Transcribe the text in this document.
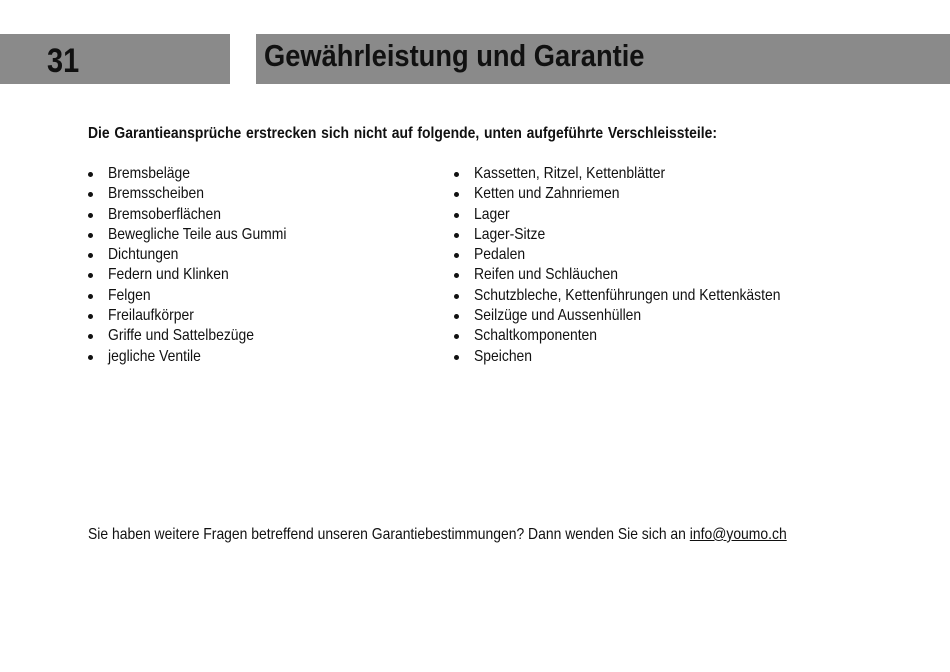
31	Gewährleistung und Garantie
Die Garantieansprüche erstrecken sich nicht auf folgende, unten aufgeführte Verschleissteile:
Bremsbeläge
Bremsscheiben
Bremsoberflächen
Bewegliche Teile aus Gummi
Dichtungen
Federn und Klinken
Felgen
Freilaufkörper
Griffe und Sattelbezüge
jegliche Ventile
Kassetten, Ritzel, Kettenblätter
Ketten und Zahnriemen
Lager
Lager-Sitze
Pedalen
Reifen und Schläuchen
Schutzbleche, Kettenführungen und Kettenkästen
Seilzüge und Aussenhüllen
Schaltkomponenten
Speichen
Sie haben weitere Fragen betreffend unseren Garantiebestimmungen? Dann wenden Sie sich an info@youmo.ch
